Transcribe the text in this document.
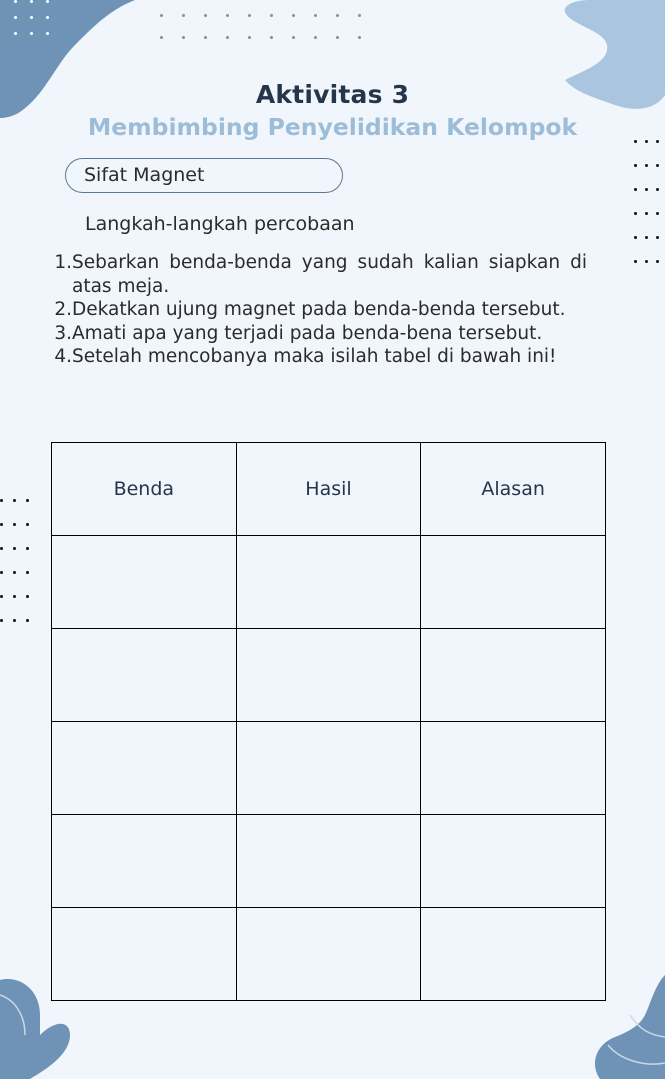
Aktivitas 3
Membimbing Penyelidikan Kelompok
Sifat Magnet
Langkah-langkah percobaan
1. Sebarkan benda-benda yang sudah kalian siapkan di atas meja.
2. Dekatkan ujung magnet pada benda-benda tersebut.
3. Amati apa yang terjadi pada benda-bena tersebut.
4. Setelah mencobanya maka isilah tabel di bawah ini!
Benda	Hasil	Alasan
